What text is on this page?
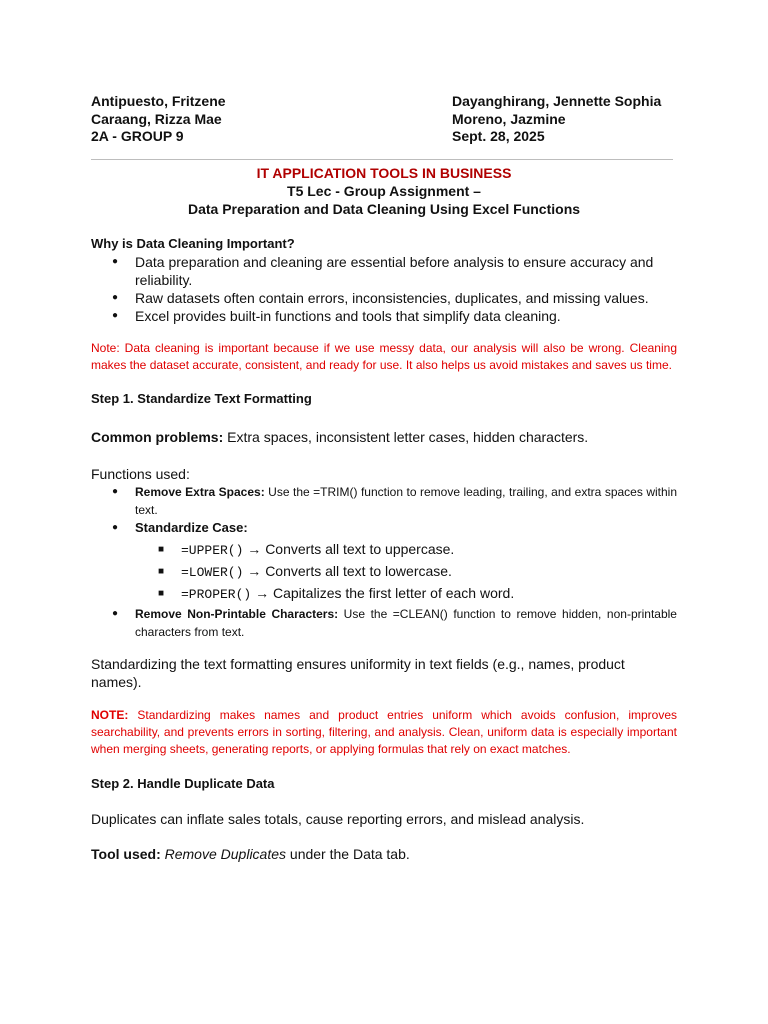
Antipuesto, Fritzene
Caraang, Rizza Mae
2A - GROUP 9
Dayanghirang, Jennette Sophia
Moreno, Jazmine
Sept. 28, 2025
IT APPLICATION TOOLS IN BUSINESS
T5 Lec - Group Assignment –
Data Preparation and Data Cleaning Using Excel Functions
Why is Data Cleaning Important?
● Data preparation and cleaning are essential before analysis to ensure accuracy and reliability.
● Raw datasets often contain errors, inconsistencies, duplicates, and missing values.
● Excel provides built-in functions and tools that simplify data cleaning.
Note: Data cleaning is important because if we use messy data, our analysis will also be wrong. Cleaning makes the dataset accurate, consistent, and ready for use. It also helps us avoid mistakes and saves us time.
Step 1. Standardize Text Formatting
Common problems: Extra spaces, inconsistent letter cases, hidden characters.
Functions used:
● Remove Extra Spaces: Use the =TRIM() function to remove leading, trailing, and extra spaces within text.
● Standardize Case:
■ =UPPER() → Converts all text to uppercase.
■ =LOWER() → Converts all text to lowercase.
■ =PROPER() → Capitalizes the first letter of each word.
● Remove Non-Printable Characters: Use the =CLEAN() function to remove hidden, non-printable characters from text.
Standardizing the text formatting ensures uniformity in text fields (e.g., names, product names).
NOTE: Standardizing makes names and product entries uniform which avoids confusion, improves searchability, and prevents errors in sorting, filtering, and analysis. Clean, uniform data is especially important when merging sheets, generating reports, or applying formulas that rely on exact matches.
Step 2. Handle Duplicate Data
Duplicates can inflate sales totals, cause reporting errors, and mislead analysis.
Tool used: Remove Duplicates under the Data tab.
